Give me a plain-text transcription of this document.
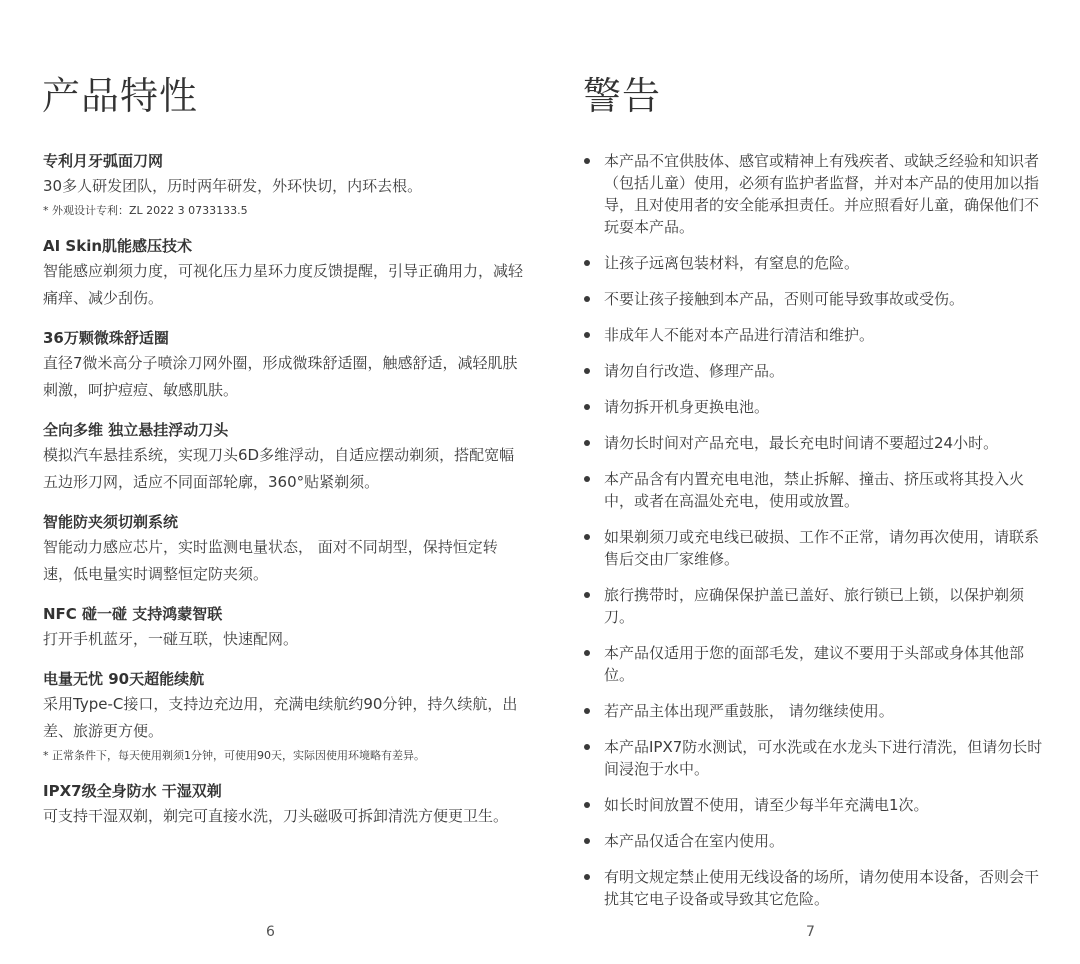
产品特性
专利月牙弧面刀网
30多人研发团队，历时两年研发，外环快切，内环去根。
* 外观设计专利：ZL 2022 3 0733133.5
AI Skin肌能感压技术
智能感应剃须力度，可视化压力星环力度反馈提醒，引导正确用力，减轻痛痒、减少刮伤。
36万颗微珠舒适圈
直径7微米高分子喷涂刀网外圈，形成微珠舒适圈，触感舒适，减轻肌肤刺激，呵护痘痘、敏感肌肤。
全向多维 独立悬挂浮动刀头
模拟汽车悬挂系统，实现刀头6D多维浮动，自适应摆动剃须，搭配宽幅五边形刀网，适应不同面部轮廓，360°贴紧剃须。
智能防夹须切剃系统
智能动力感应芯片，实时监测电量状态， 面对不同胡型，保持恒定转速，低电量实时调整恒定防夹须。
NFC 碰一碰 支持鸿蒙智联
打开手机蓝牙，一碰互联，快速配网。
电量无忧 90天超能续航
采用Type-C接口，支持边充边用，充满电续航约90分钟，持久续航，出差、旅游更方便。
* 正常条件下，每天使用剃须1分钟，可使用90天，实际因使用环境略有差异。
IPX7级全身防水 干湿双剃
可支持干湿双剃，剃完可直接水洗，刀头磁吸可拆卸清洗方便更卫生。
6
警告
本产品不宜供肢体、感官或精神上有残疾者、或缺乏经验和知识者（包括儿童）使用，必须有监护者监督，并对本产品的使用加以指导，且对使用者的安全能承担责任。并应照看好儿童，确保他们不玩耍本产品。
让孩子远离包装材料，有窒息的危险。
不要让孩子接触到本产品，否则可能导致事故或受伤。
非成年人不能对本产品进行清洁和维护。
请勿自行改造、修理产品。
请勿拆开机身更换电池。
请勿长时间对产品充电，最长充电时间请不要超过24小时。
本产品含有内置充电电池，禁止拆解、撞击、挤压或将其投入火中，或者在高温处充电，使用或放置。
如果剃须刀或充电线已破损、工作不正常，请勿再次使用，请联系售后交由厂家维修。
旅行携带时，应确保保护盖已盖好、旅行锁已上锁，以保护剃须刀。
本产品仅适用于您的面部毛发，建议不要用于头部或身体其他部位。
若产品主体出现严重鼓胀， 请勿继续使用。
本产品IPX7防水测试，可水洗或在水龙头下进行清洗，但请勿长时间浸泡于水中。
如长时间放置不使用，请至少每半年充满电1次。
本产品仅适合在室内使用。
有明文规定禁止使用无线设备的场所，请勿使用本设备，否则会干扰其它电子设备或导致其它危险。
7
